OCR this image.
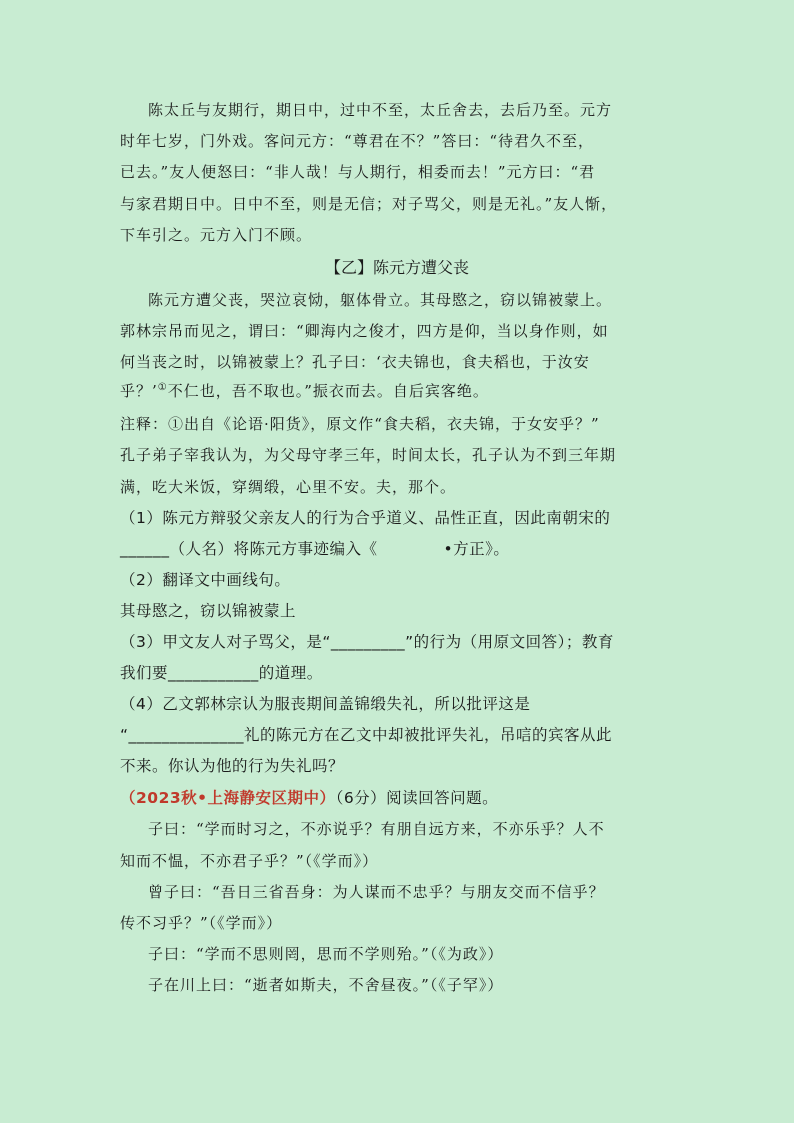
陈太丘与友期行，期日中，过中不至，太丘舍去，去后乃至。元方
时年七岁，门外戏。客问元方：“尊君在不？”答曰：“待君久不至，
已去。”友人便怒曰：“非人哉！与人期行，相委而去！”元方曰：“君
与家君期日中。日中不至，则是无信；对子骂父，则是无礼。”友人惭，
下车引之。元方入门不顾。
【乙】陈元方遭父丧
陈元方遭父丧，哭泣哀恸，躯体骨立。其母愍之，窃以锦被蒙上。
郭林宗吊而见之，谓曰：“卿海内之俊才，四方是仰，当以身作则，如
何当丧之时，以锦被蒙上？孔子曰：‘衣夫锦也，食夫稻也，于汝安
乎？’①不仁也，吾不取也。”振衣而去。自后宾客绝。
注释：①出自《论语·阳货》，原文作“食夫稻，衣夫锦，于女安乎？”
孔子弟子宰我认为，为父母守孝三年，时间太长，孔子认为不到三年期
满，吃大米饭，穿绸缎，心里不安。夫，那个。
（1）陈元方辩驳父亲友人的行为合乎道义、品性正直，因此南朝宋的
______（人名）将陈元方事迹编入《	•方正》。
（2）翻译文中画线句。
其母愍之，窃以锦被蒙上
（3）甲文友人对子骂父，是“_________”的行为（用原文回答）；教育
我们要___________的道理。
（4）乙文郭林宗认为服丧期间盖锦缎失礼，所以批评这是
“______________礼的陈元方在乙文中却被批评失礼，吊唁的宾客从此
不来。你认为他的行为失礼吗？
（2023秋•上海静安区期中）（6分）阅读回答问题。
子曰：“学而时习之，不亦说乎？有朋自远方来，不亦乐乎？人不
知而不愠，不亦君子乎？”（《学而》）
曾子曰：“吾日三省吾身：为人谋而不忠乎？与朋友交而不信乎？
传不习乎？”（《学而》）
子曰：“学而不思则罔，思而不学则殆。”（《为政》）
子在川上曰：“逝者如斯夫，不舍昼夜。”（《子罕》）
